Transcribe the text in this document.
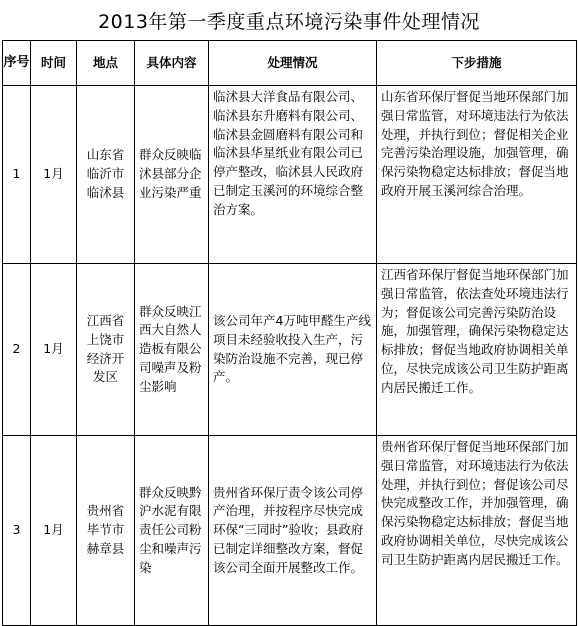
2013年第一季度重点环境污染事件处理情况
序号	时间	地点	具体内容	处理情况	下步措施
1	1月	山东省临沂市临沭县	群众反映临沭县部分企业污染严重	临沭县大洋食品有限公司、临沭县东升磨料有限公司、临沭县金圆磨料有限公司和临沭县华星纸业有限公司已停产整改，临沭县人民政府已制定玉溪河的环境综合整治方案。	山东省环保厅督促当地环保部门加强日常监管，对环境违法行为依法处理，并执行到位；督促相关企业完善污染治理设施，加强管理，确保污染物稳定达标排放；督促当地政府开展玉溪河综合治理。
2	1月	江西省上饶市经济开发区	群众反映江西大自然人造板有限公司噪声及粉尘影响	该公司年产4万吨甲醛生产线项目未经验收投入生产，污染防治设施不完善，现已停产。	江西省环保厅督促当地环保部门加强日常监管，依法查处环境违法行为；督促该公司完善污染防治设施，加强管理，确保污染物稳定达标排放；督促当地政府协调相关单位，尽快完成该公司卫生防护距离内居民搬迁工作。
3	1月	贵州省毕节市赫章县	群众反映黔沪水泥有限责任公司粉尘和噪声污染	贵州省环保厅责令该公司停产治理，并按程序尽快完成环保“三同时”验收；县政府已制定详细整改方案，督促该公司全面开展整改工作。	贵州省环保厅督促当地环保部门加强日常监管，对环境违法行为依法处理，并执行到位；督促该公司尽快完成整改工作，并加强管理，确保污染物稳定达标排放；督促当地政府协调相关单位，尽快完成该公司卫生防护距离内居民搬迁工作。
